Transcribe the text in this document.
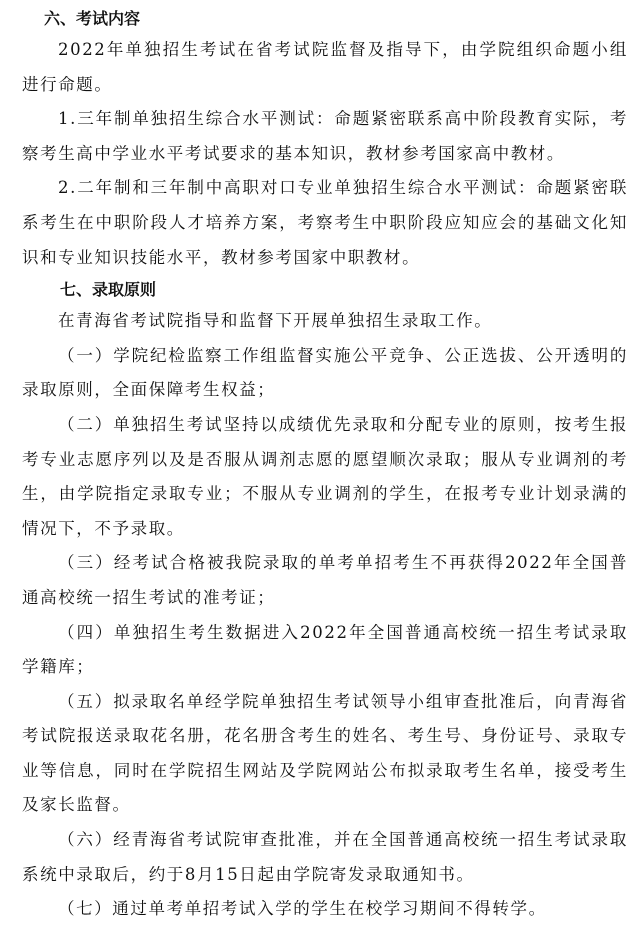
六、考试内容

2022年单独招生考试在省考试院监督及指导下，由学院组织命题小组进行命题。

1.三年制单独招生综合水平测试：命题紧密联系高中阶段教育实际，考察考生高中学业水平考试要求的基本知识，教材参考国家高中教材。

2.二年制和三年制中高职对口专业单独招生综合水平测试：命题紧密联系考生在中职阶段人才培养方案，考察考生中职阶段应知应会的基础文化知识和专业知识技能水平，教材参考国家中职教材。

七、录取原则

在青海省考试院指导和监督下开展单独招生录取工作。

（一）学院纪检监察工作组监督实施公平竞争、公正选拔、公开透明的录取原则，全面保障考生权益；

（二）单独招生考试坚持以成绩优先录取和分配专业的原则，按考生报考专业志愿序列以及是否服从调剂志愿的愿望顺次录取；服从专业调剂的考生，由学院指定录取专业；不服从专业调剂的学生，在报考专业计划录满的情况下，不予录取。

（三）经考试合格被我院录取的单考单招考生不再获得2022年全国普通高校统一招生考试的准考证；

（四）单独招生考生数据进入2022年全国普通高校统一招生考试录取学籍库；

（五）拟录取名单经学院单独招生考试领导小组审查批准后，向青海省考试院报送录取花名册，花名册含考生的姓名、考生号、身份证号、录取专业等信息，同时在学院招生网站及学院网站公布拟录取考生名单，接受考生及家长监督。

（六）经青海省考试院审查批准，并在全国普通高校统一招生考试录取系统中录取后，约于8月15日起由学院寄发录取通知书。

（七）通过单考单招考试入学的学生在校学习期间不得转学。
